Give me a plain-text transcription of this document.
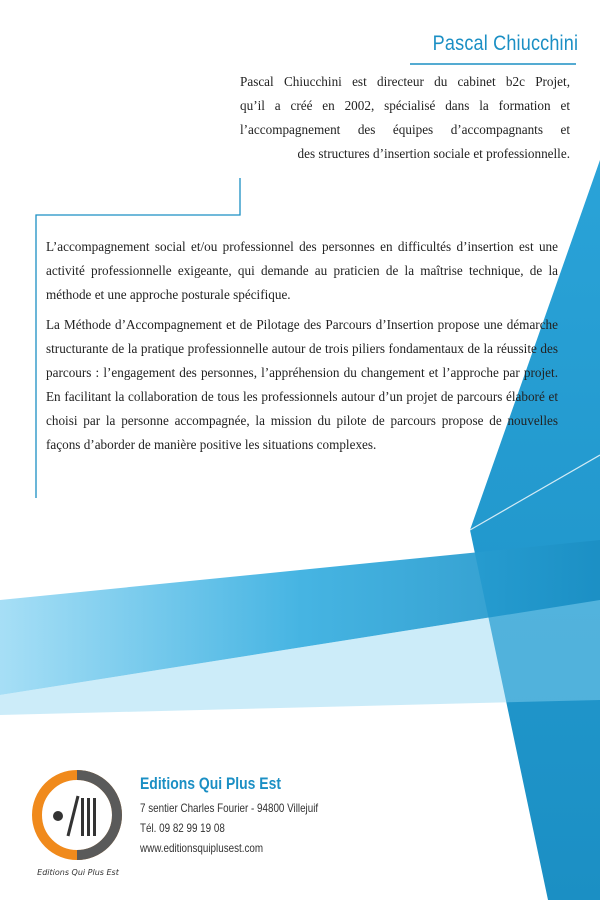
Pascal Chiucchini
Pascal Chiucchini est directeur du cabinet b2c Projet,
qu’il a créé en 2002, spécialisé dans la formation et
l’accompagnement des équipes d’accompagnants et
des structures d’insertion sociale et professionnelle.

L’accompagnement social et/ou professionnel des personnes en difficultés d’insertion est une activité professionnelle exigeante, qui demande au praticien de la maîtrise technique, de la méthode et une approche posturale spécifique.

La Méthode d’Accompagnement et de Pilotage des Parcours d’Insertion propose une démarche structurante de la pratique professionnelle autour de trois piliers fondamentaux de la réussite des parcours : l’engagement des personnes, l’appréhension du changement et l’approche par projet. En facilitant la collaboration de tous les professionnels autour d’un projet de parcours élaboré et choisi par la personne accompagnée, la mission du pilote de parcours propose de nouvelles façons d’aborder de manière positive les situations complexes.

Editions Qui Plus Est
Editions Qui Plus Est
7 sentier Charles Fourier - 94800 Villejuif
Tél. 09 82 99 19 08
www.editionsquiplusest.com
